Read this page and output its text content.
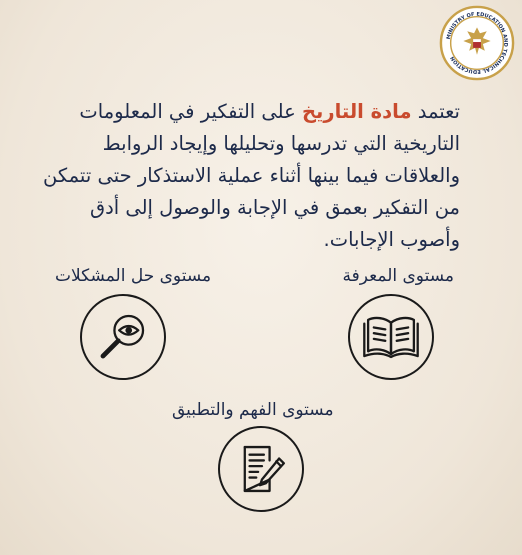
MINISTRY OF EDUCATION AND TECHNICAL EDUCATION
تعتمد مادة التاريخ على التفكير في المعلومات التاريخية التي تدرسها وتحليلها وإيجاد الروابط والعلاقات فيما بينها أثناء عملية الاستذكار حتى تتمكن من التفكير بعمق في الإجابة والوصول إلى أدق وأصوب الإجابات.
مستوى المعرفة
مستوى حل المشكلات
مستوى الفهم والتطبيق
